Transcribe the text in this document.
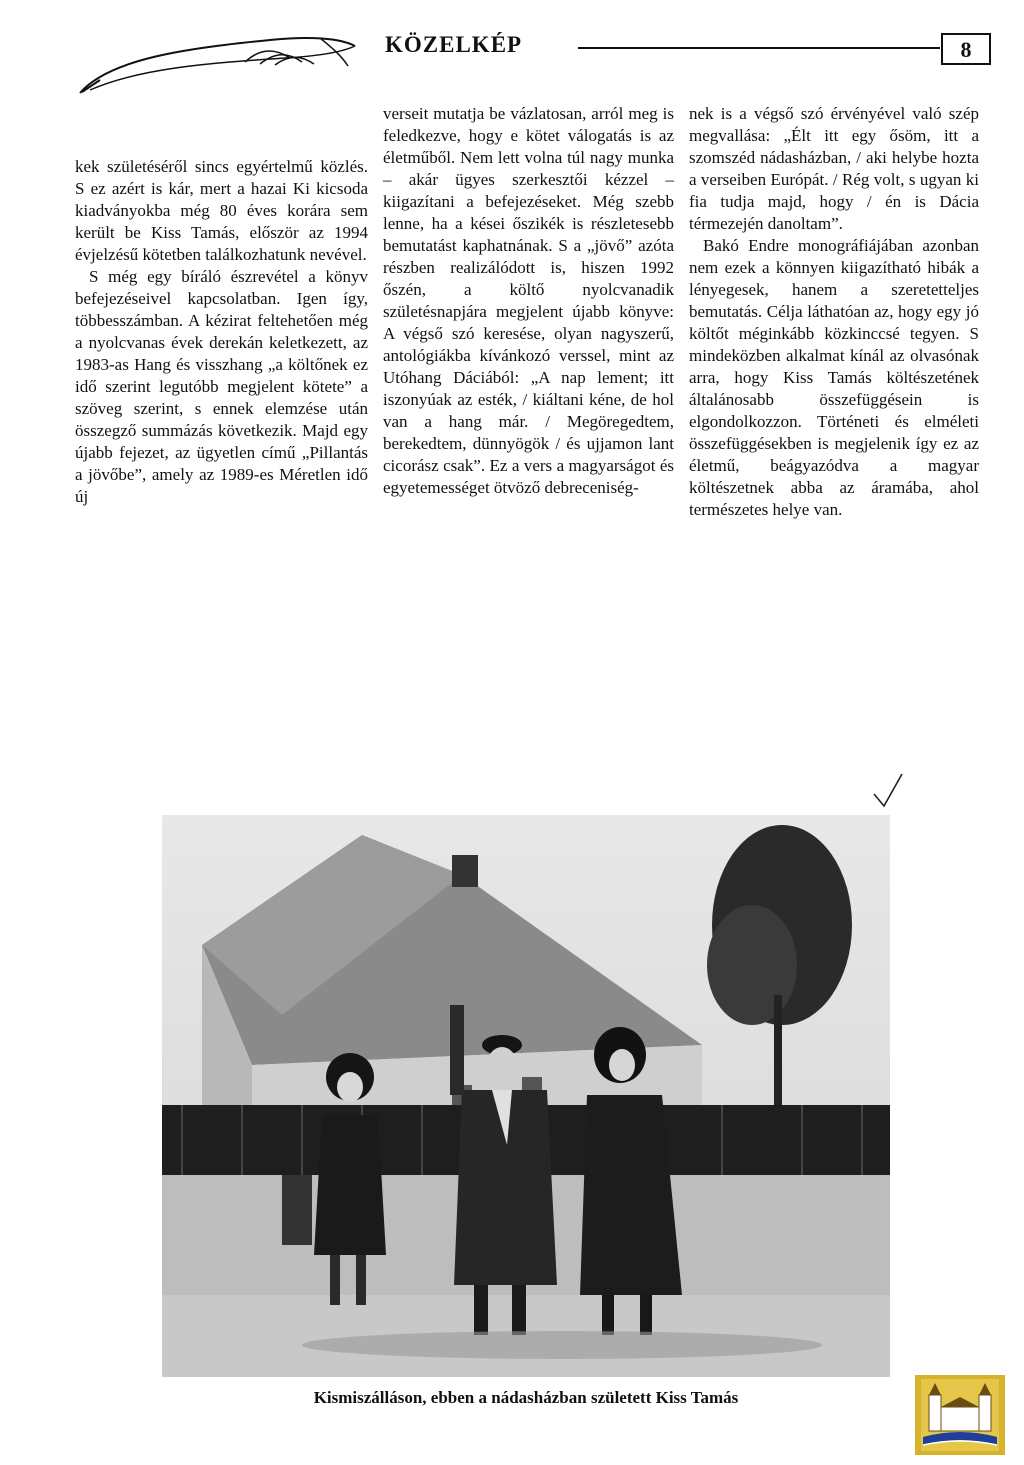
KÖZELKÉP	8

kek születéséről sincs egyértelmű közlés. S ez azért is kár, mert a hazai Ki kicsoda kiadványokba még 80 éves korára sem került be Kiss Tamás, először az 1994 évjelzésű kötetben találkozhatunk nevével.

S még egy bíráló észrevétel a könyv befejezéseivel kapcsolatban. Igen így, többesszámban. A kézirat feltehetően még a nyolcvanas évek derekán keletkezett, az 1983-as Hang és visszhang „a költőnek ez idő szerint legutóbb megjelent kötete” a szöveg szerint, s ennek elemzése után összegző summázás következik. Majd egy újabb fejezet, az ügyetlen című „Pillantás a jövőbe”, amely az 1989-es Méretlen idő új

verseit mutatja be vázlatosan, arról meg is feledkezve, hogy e kötet válogatás is az életműből. Nem lett volna túl nagy munka – akár ügyes szerkesztői kézzel – kiigazítani a befejezéseket. Még szebb lenne, ha a kései őszikék is részletesebb bemutatást kaphatnának. S a „jövő” azóta részben realizálódott is, hiszen 1992 őszén, a költő nyolcvanadik születésnapjára megjelent újabb könyve: A végső szó keresése, olyan nagyszerű, antológiákba kívánkozó verssel, mint az Utóhang Dáciából: „A nap lement; itt iszonyúak az esték, / kiáltani kéne, de hol van a hang már. / Megöregedtem, berekedtem, dünnyögök / és ujjamon lant cicorász csak”. Ez a vers a magyarságot és egyetemességet ötvöző debreceniség-

nek is a végső szó érvényével való szép megvallása: „Élt itt egy ősöm, itt a szomszéd nádasházban, / aki helybe hozta a verseiben Európát. / Rég volt, s ugyan ki fia tudja majd, hogy / én is Dácia térmezején danoltam”.

Bakó Endre monográfiájában azonban nem ezek a könnyen kiigazítható hibák a lényegesek, hanem a szeretetteljes bemutatás. Célja láthatóan az, hogy egy jó költőt méginkább közkinccsé tegyen. S mindeközben alkalmat kínál az olvasónak arra, hogy Kiss Tamás költészetének általánosabb összefüggésein is elgondolkozzon. Történeti és elméleti összefüggésekben is megjelenik így ez az életmű, beágyazódva a magyar költészetnek abba az áramába, ahol természetes helye van.

Kismiszálláson, ebben a nádasházban született Kiss Tamás
